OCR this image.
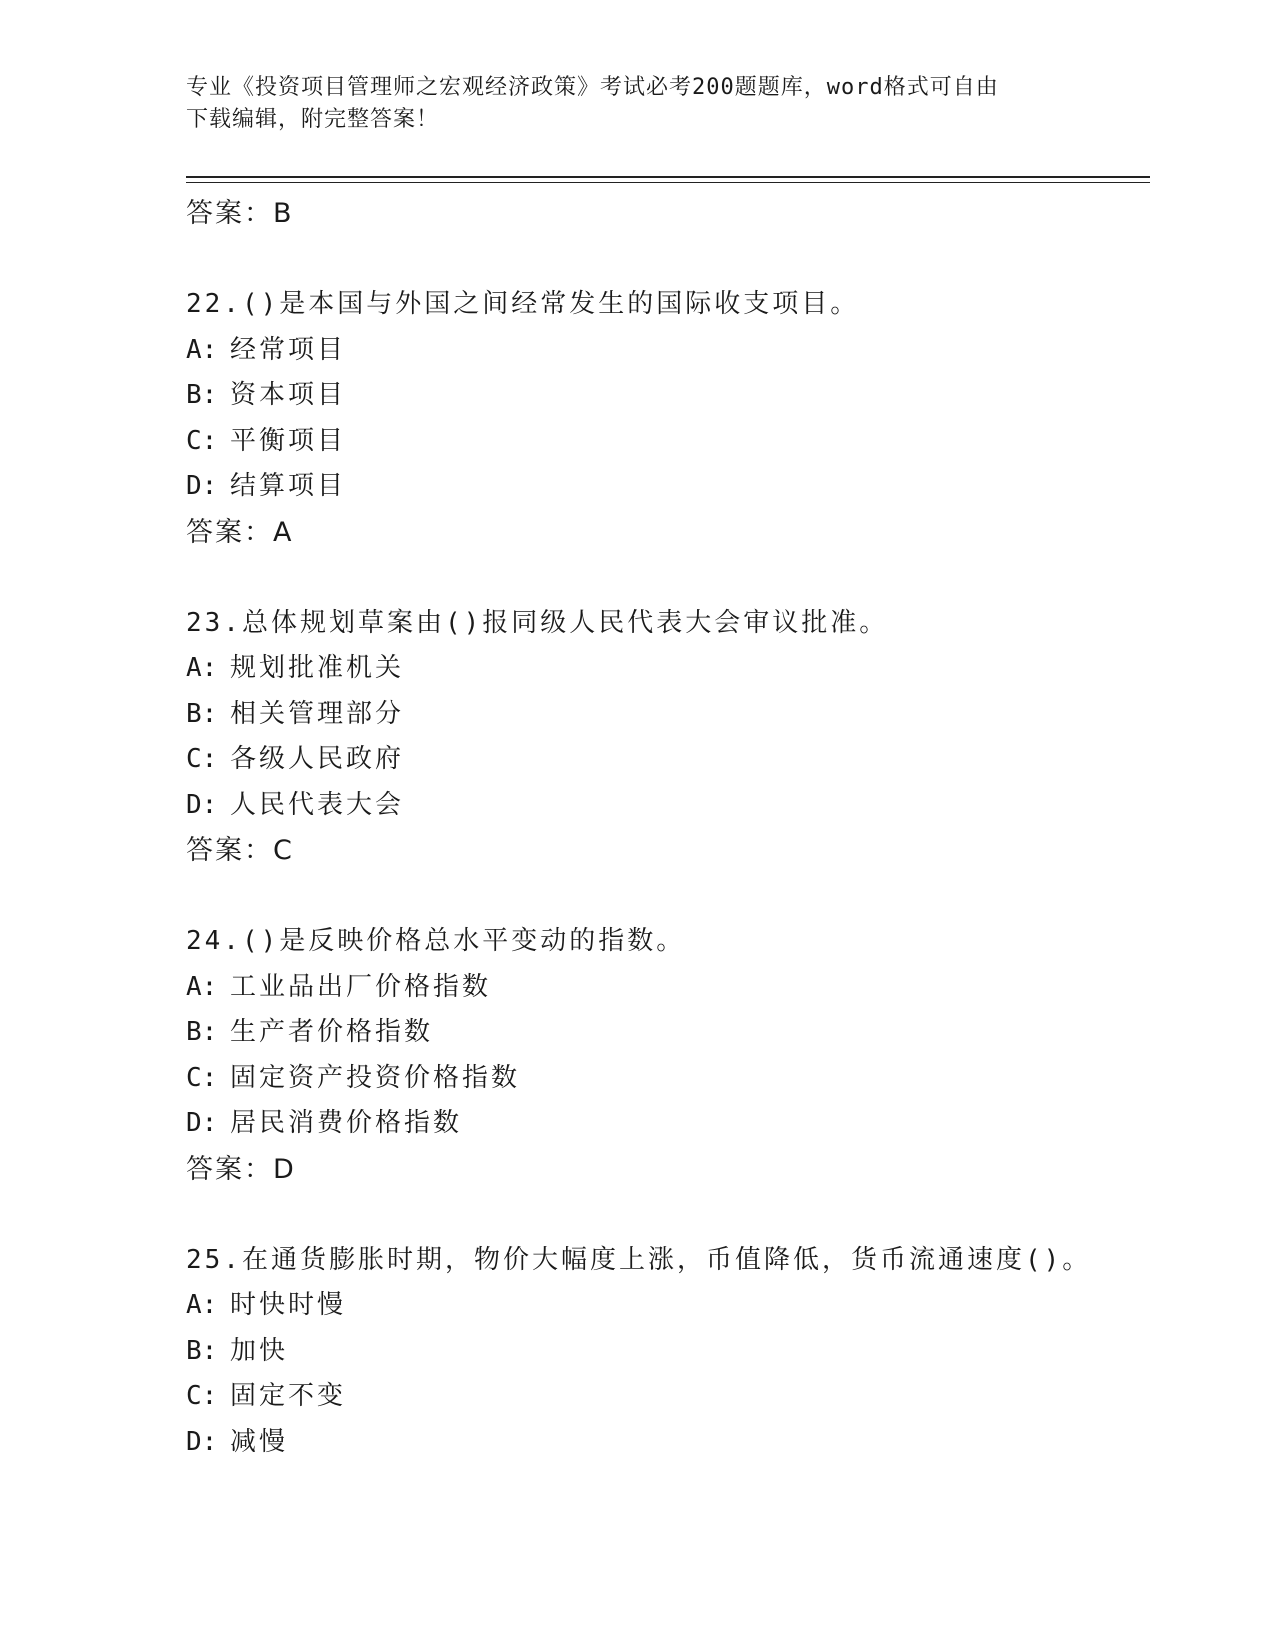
专业《投资项目管理师之宏观经济政策》考试必考200题题库，word格式可自由
下载编辑，附完整答案！
答案：B
22.()是本国与外国之间经常发生的国际收支项目。
A: 经常项目
B: 资本项目
C: 平衡项目
D: 结算项目
答案：A
23.总体规划草案由()报同级人民代表大会审议批准。
A: 规划批准机关
B: 相关管理部分
C: 各级人民政府
D: 人民代表大会
答案：C
24.()是反映价格总水平变动的指数。
A: 工业品出厂价格指数
B: 生产者价格指数
C: 固定资产投资价格指数
D: 居民消费价格指数
答案：D
25.在通货膨胀时期，物价大幅度上涨，币值降低，货币流通速度()。
A: 时快时慢
B: 加快
C: 固定不变
D: 减慢
